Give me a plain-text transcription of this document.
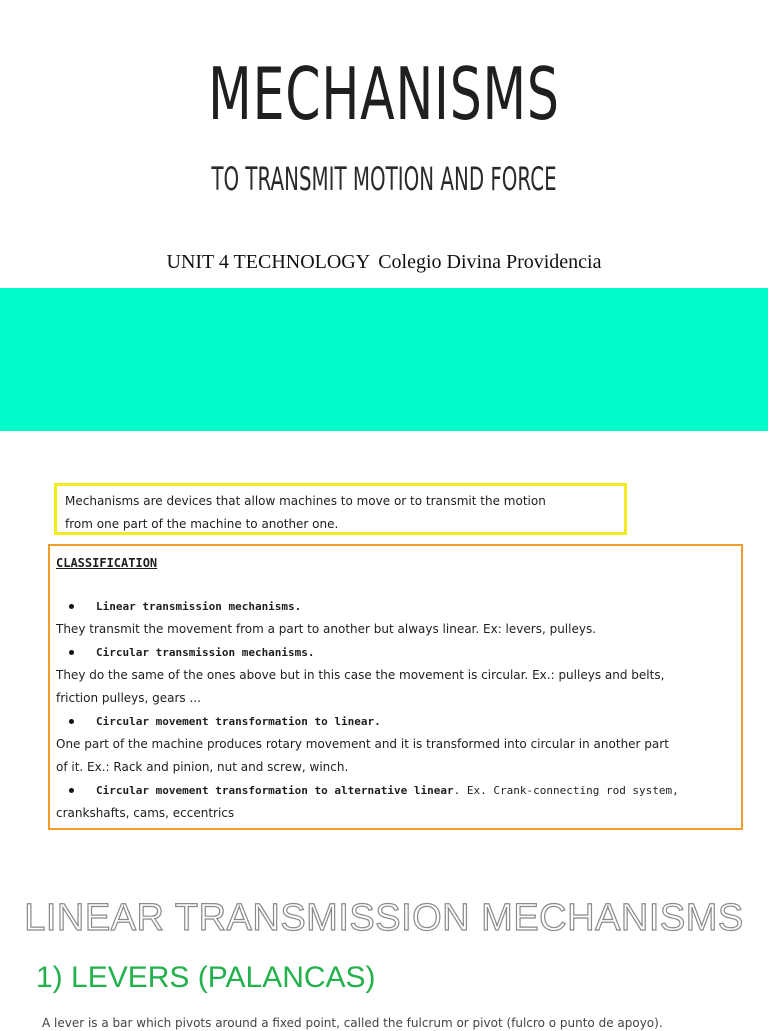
MECHANISMS
TO TRANSMIT MOTION AND FORCE
UNIT 4 TECHNOLOGY Colegio Divina Providencia
Mechanisms are devices that allow machines to move or to transmit the motion
from one part of the machine to another one.
CLASSIFICATION
Linear transmission mechanisms.
They transmit the movement from a part to another but always linear. Ex: levers, pulleys.
Circular transmission mechanisms.
They do the same of the ones above but in this case the movement is circular. Ex.: pulleys and belts,
friction pulleys, gears ...
Circular movement transformation to linear.
One part of the machine produces rotary movement and it is transformed into circular in another part
of it. Ex.: Rack and pinion, nut and screw, winch.
Circular movement transformation to alternative linear . Ex. Crank-connecting rod system,
crankshafts, cams, eccentrics
LINEAR TRANSMISSION MECHANISMS
1) LEVERS (PALANCAS)
A lever is a bar which pivots around a fixed point, called the fulcrum or pivot (fulcro o punto de apoyo).
